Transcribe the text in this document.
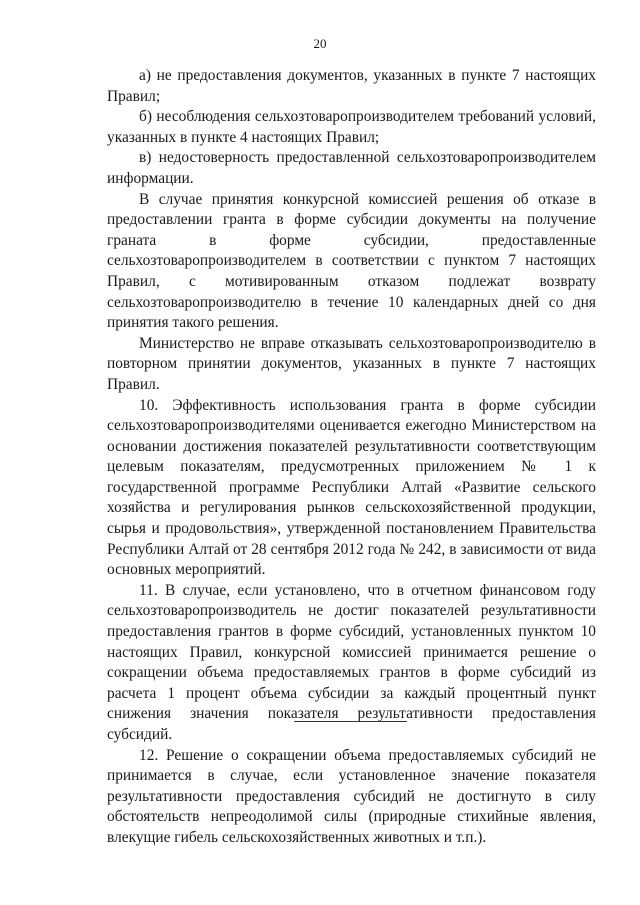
20

а) не предоставления документов, указанных в пункте 7 настоящих Правил;

б) несоблюдения сельхозтоваропроизводителем требований условий, указанных в пункте 4 настоящих Правил;

в) недостоверность предоставленной сельхозтоваропроизводителем информации.

В случае принятия конкурсной комиссией решения об отказе в предоставлении гранта в форме субсидии документы на получение граната в форме субсидии, предоставленные сельхозтоваропроизводителем в соответствии с пунктом 7 настоящих Правил, с мотивированным отказом подлежат возврату сельхозтоваропроизводителю в течение 10 календарных дней со дня принятия такого решения.

Министерство не вправе отказывать сельхозтоваропроизводителю в повторном принятии документов, указанных в пункте 7 настоящих Правил.

10. Эффективность использования гранта в форме субсидии сельхозтоваропроизводителями оценивается ежегодно Министерством на основании достижения показателей результативности соответствующим целевым показателям, предусмотренных приложением № 1 к государственной программе Республики Алтай «Развитие сельского хозяйства и регулирования рынков сельскохозяйственной продукции, сырья и продовольствия», утвержденной постановлением Правительства Республики Алтай от 28 сентября 2012 года № 242, в зависимости от вида основных мероприятий.

11. В случае, если установлено, что в отчетном финансовом году сельхозтоваропроизводитель не достиг показателей результативности предоставления грантов в форме субсидий, установленных пунктом 10 настоящих Правил, конкурсной комиссией принимается решение о сокращении объема предоставляемых грантов в форме субсидий из расчета 1 процент объема субсидии за каждый процентный пункт снижения значения показателя результативности предоставления субсидий.

12. Решение о сокращении объема предоставляемых субсидий не принимается в случае, если установленное значение показателя результативности предоставления субсидий не достигнуто в силу обстоятельств непреодолимой силы (природные стихийные явления, влекущие гибель сельскохозяйственных животных и т.п.).
